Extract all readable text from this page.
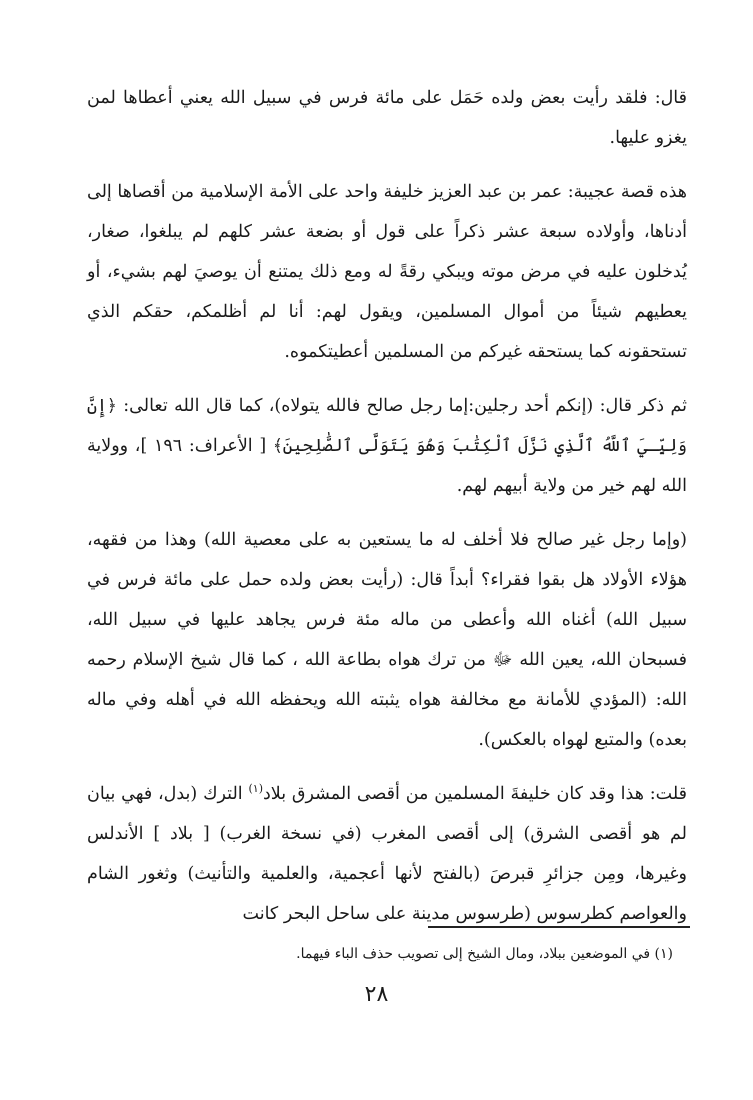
قال: فلقد رأيت بعض ولده حَمَل على مائة فرس في سبيل الله يعني أعطاها لمن يغزو عليها.

هذه قصة عجيبة: عمر بن عبد العزيز خليفة واحد على الأمة الإسلامية من أقصاها إلى أدناها، وأولاده سبعة عشر ذكراً على قول أو بضعة عشر كلهم لم يبلغوا، صغار، يُدخلون عليه في مرض موته ويبكي رقةً له ومع ذلك يمتنع أن يوصيَ لهم بشيء، أو يعطيهم شيئاً من أموال المسلمين، ويقول لهم: أنا لم أظلمكم، حقكم الذي تستحقونه كما يستحقه غيركم من المسلمين أعطيتكموه.

ثم ذكر قال: (إنكم أحد رجلين:إما رجل صالح فالله يتولاه)، كما قال الله تعالى: ﴿إِنَّ وَلِيِّـيَ ٱللَّهُ ٱلَّذِي نَزَّلَ ٱلْكِتَٰبَ وَهُوَ يَتَوَلَّى ٱلصَّٰلِحِينَ﴾ [ الأعراف: ١٩٦ ]، وولاية الله لهم خير من ولاية أبيهم لهم.

(وإما رجل غير صالح فلا أخلف له ما يستعين به على معصية الله) وهذا من فقهه، هؤلاء الأولاد هل بقوا فقراء؟ أبداً قال: (رأيت بعض ولده حمل على مائة فرس في سبيل الله) أغناه الله وأعطى من ماله مئة فرس يجاهد عليها في سبيل الله، فسبحان الله، يعين الله ﷻ من ترك هواه بطاعة الله ، كما قال شيخ الإسلام رحمه الله: (المؤدي للأمانة مع مخالفة هواه يثبته الله ويحفظه الله في أهله وفي ماله بعده) والمتبع لهواه بالعكس).

قلت: هذا وقد كان خليفةَ المسلمين من أقصى المشرق بلاد$^{(١)}$ الترك (بدل، فهي بيان لم هو أقصى الشرق) إلى أقصى المغرب (في نسخة الغرب) [ بلاد ] الأندلس وغيرها، ومِن جزائرِ قبرصَ (بالفتح لأنها أعجمية، والعلمية والتأنيث) وثغور الشام والعواصم كطرسوس (طرسوس مدينة على ساحل البحر كانت

(١) في الموضعين ببلاد، ومال الشيخ إلى تصويب حذف الباء فيهما.
٢٨
